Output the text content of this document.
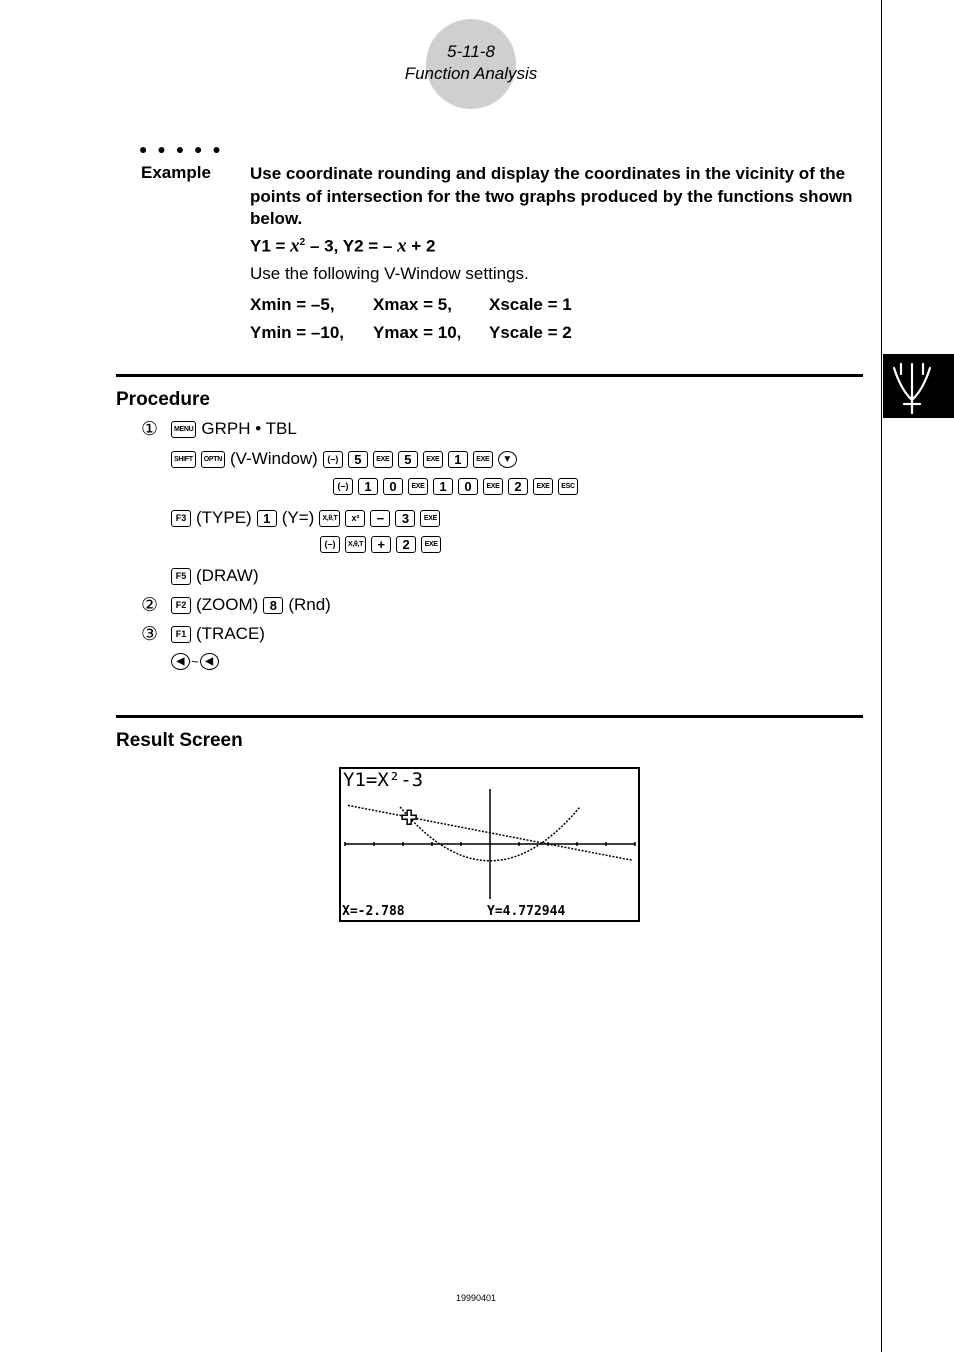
5-11-8
Function Analysis
● ● ● ● ●
Example Use coordinate rounding and display the coordinates in the vicinity of the points of intersection for the two graphs produced by the functions shown below.

$Y1 = x^2 - 3$, Y2 = – x + 2

Use the following V-Window settings.

Xmin = –5, Xmax = 5, Xscale = 1
Ymin = –10, Ymax = 10, Yscale = 2
Procedure
①	MENU GRPH • TBL
SHIFT	OPTN (V-Window)	(–)	5	EXE	5	EXE	1	EXE	▼
(–)	1	0	EXE	1	0	EXE	2	EXE	ESC
F3 (TYPE) 1 (Y=)	X,θ,T	x²	−	3	EXE
(–)	X,θ,T	+	2	EXE
F5 (DRAW)
②	F2 (ZOOM) 8 (Rnd)
③	F1 (TRACE)
◀ ~ ◀
Result Screen
Y1=X²-3
X=-2.788	Y=4.772944
19990401
